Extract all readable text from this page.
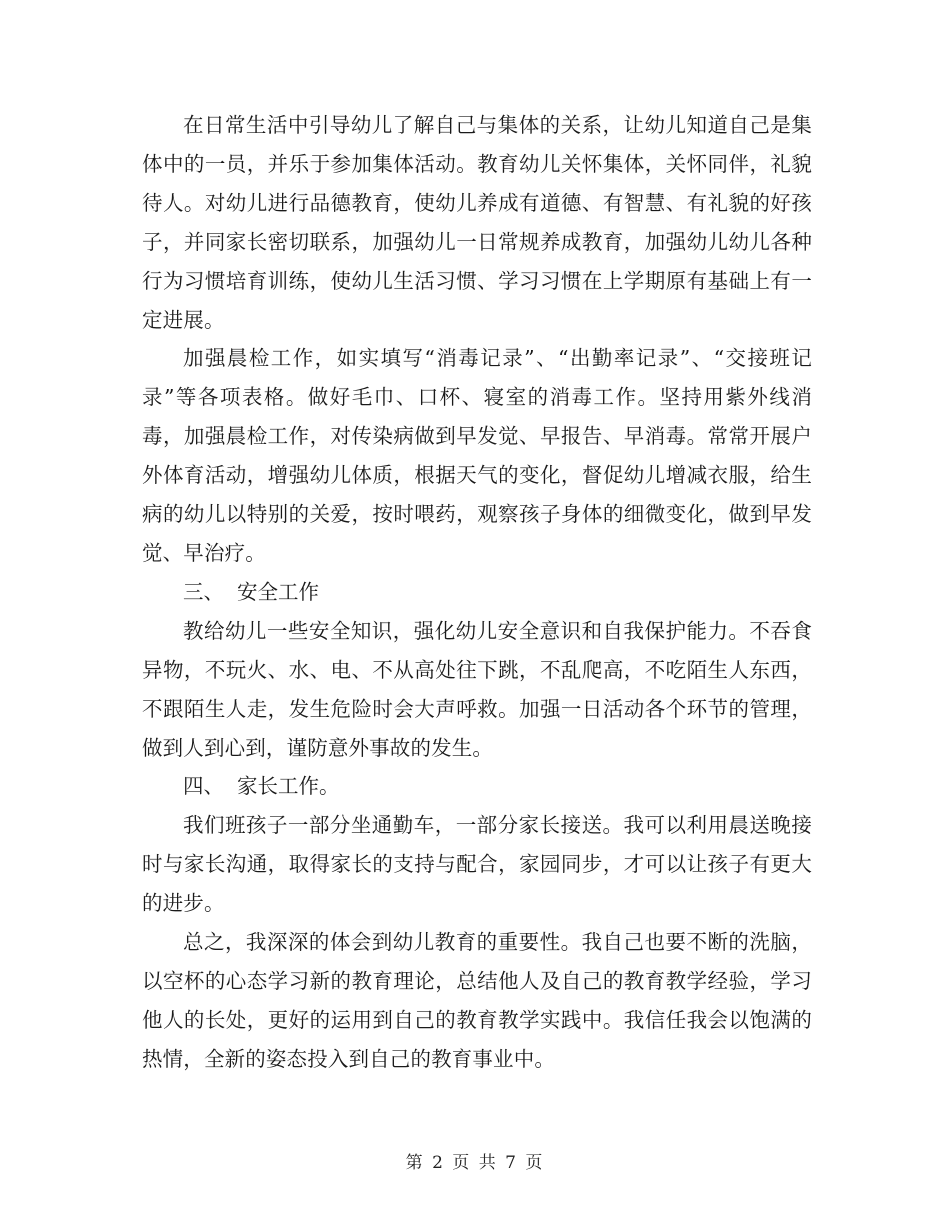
在日常生活中引导幼儿了解自己与集体的关系，让幼儿知道自己是集体中的一员，并乐于参加集体活动。教育幼儿关怀集体，关怀同伴，礼貌待人。对幼儿进行品德教育，使幼儿养成有道德、有智慧、有礼貌的好孩子，并同家长密切联系，加强幼儿一日常规养成教育，加强幼儿幼儿各种行为习惯培育训练，使幼儿生活习惯、学习习惯在上学期原有基础上有一定进展。

加强晨检工作，如实填写“消毒记录”、“出勤率记录”、“交接班记录”等各项表格。做好毛巾、口杯、寝室的消毒工作。坚持用紫外线消毒，加强晨检工作，对传染病做到早发觉、早报告、早消毒。常常开展户外体育活动，增强幼儿体质，根据天气的变化，督促幼儿增减衣服，给生病的幼儿以特别的关爱，按时喂药，观察孩子身体的细微变化，做到早发觉、早治疗。

三、  安全工作

教给幼儿一些安全知识，强化幼儿安全意识和自我保护能力。不吞食异物，不玩火、水、电、不从高处往下跳，不乱爬高，不吃陌生人东西，不跟陌生人走，发生危险时会大声呼救。加强一日活动各个环节的管理，做到人到心到，谨防意外事故的发生。

四、  家长工作。

我们班孩子一部分坐通勤车，一部分家长接送。我可以利用晨送晚接时与家长沟通，取得家长的支持与配合，家园同步，才可以让孩子有更大的进步。

总之，我深深的体会到幼儿教育的重要性。我自己也要不断的洗脑，以空杯的心态学习新的教育理论，总结他人及自己的教育教学经验，学习他人的长处，更好的运用到自己的教育教学实践中。我信任我会以饱满的热情，全新的姿态投入到自己的教育事业中。

第 2 页 共 7 页
